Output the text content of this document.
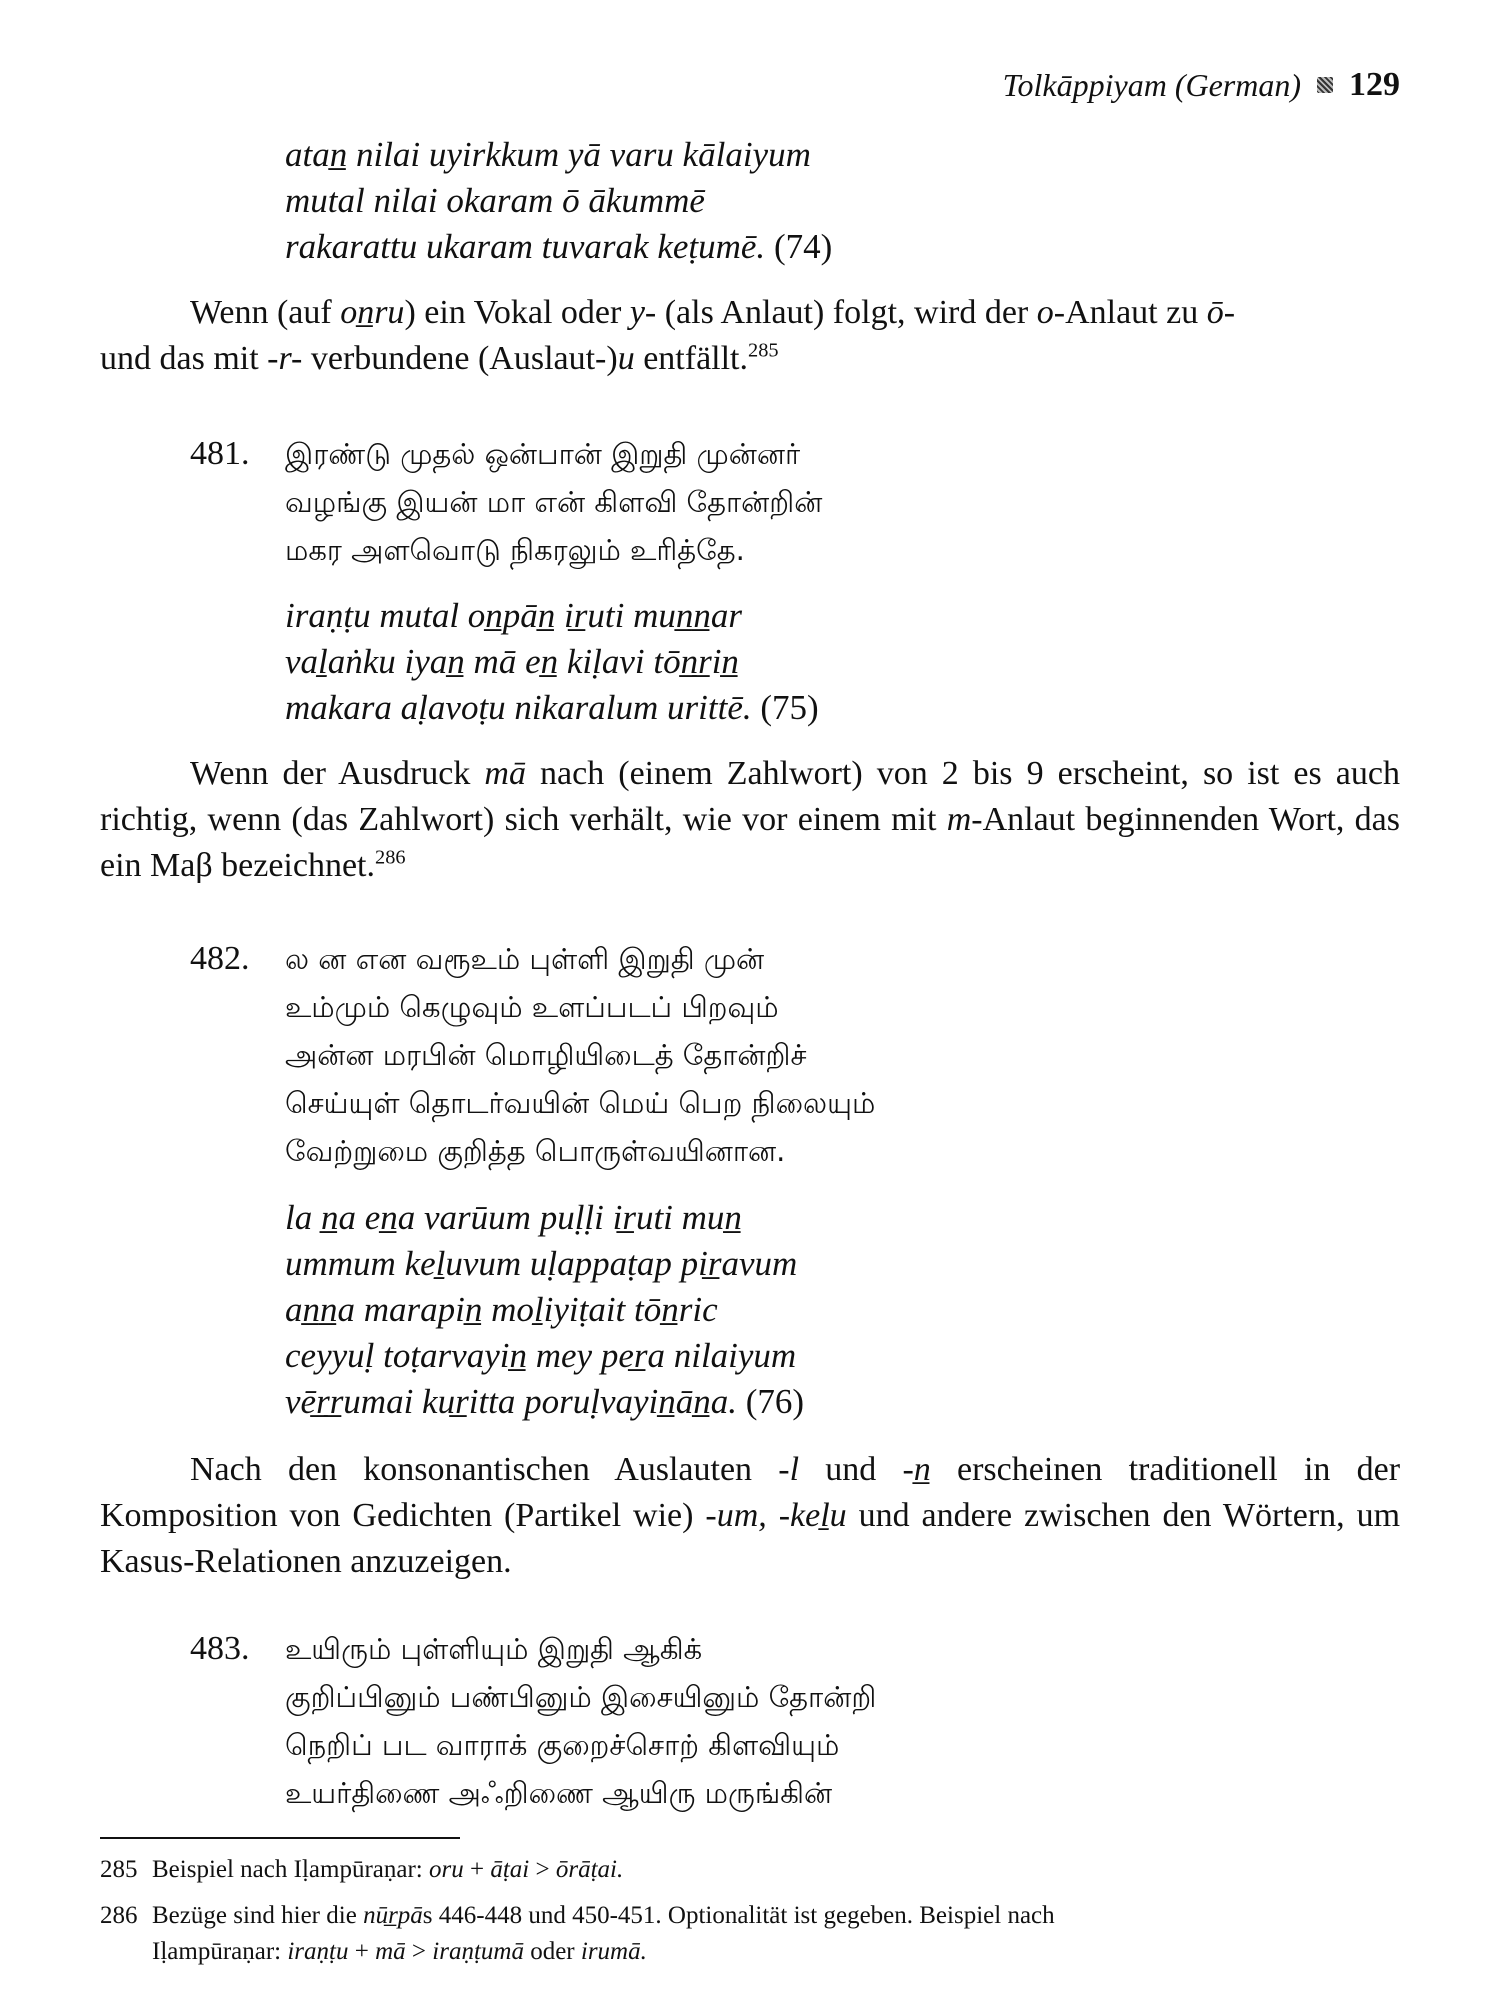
Tolkāppiyam (German) 129
atan̲ nilai uyirkkum yā varu kālaiyum
mutal nilai okaram ō ākummē
rakarattu ukaram tuvarak keṭumē. (74)

Wenn (auf on̲ru) ein Vokal oder y- (als Anlaut) folgt, wird der o-Anlaut zu ō-

und das mit -r- verbundene (Auslaut-)u entfällt.$^{285}$

481. இரண்டு முதல் ஒன்பான் இறுதி முன்னர்
வழங்கு இயன் மா என் கிளவி தோன்றின்
மகர அளவொடு நிகரலும் உரித்தே.
iraṇṭu mutal on̲pān̲ ir̲uti mun̲n̲ar
vaḻaṅku iyan̲ mā en̲ kiḷavi tōn̲r̲in̲
makara aḷavoṭu nikaralum urittē. (75)

Wenn der Ausdruck mā nach (einem Zahlwort) von 2 bis 9 erscheint, so ist es auch richtig, wenn (das Zahlwort) sich verhält, wie vor einem mit m-Anlaut beginnenden Wort, das ein Maβ bezeichnet.$^{286}$

482. ல ன என வரூஉம் புள்ளி இறுதி முன்
உம்மும் கெழுவும் உளப்படப் பிறவும்
அன்ன மரபின் மொழியிடைத் தோன்றிச்
செய்யுள் தொடர்வயின் மெய் பெற நிலையும்
வேற்றுமை குறித்த பொருள்வயினான.
la n̲a en̲a varūum puḷḷi ir̲uti mun̲
ummum keḻuvum uḷappaṭap pir̲avum
an̲n̲a marapin̲ moḻiyiṭait tōn̲ric
ceyyuḷ toṭarvayin̲ mey per̲a nilaiyum
vēr̲r̲umai kur̲itta poruḷvayin̲ān̲a. (76)

Nach den konsonantischen Auslauten -l und -n̲ erscheinen traditionell in der Komposition von Gedichten (Partikel wie) -um, -keḻu und andere zwischen den Wörtern, um Kasus-Relationen anzuzeigen.

483. உயிரும் புள்ளியும் இறுதி ஆகிக்
குறிப்பினும் பண்பினும் இசையினும் தோன்றி
நெறிப் பட வாராக் குறைச்சொற் கிளவியும்
உயர்திணை அஃறிணை ஆயிரு மருங்கின்
285 Beispiel nach Iḷampūraṇar: oru + āṭai > ōrāṭai.
286 Bezüge sind hier die nūr̲pās 446-448 und 450-451. Optionalität ist gegeben. Beispiel nach
Iḷampūraṇar: iraṇṭu + mā > iraṇṭumā oder irumā.
